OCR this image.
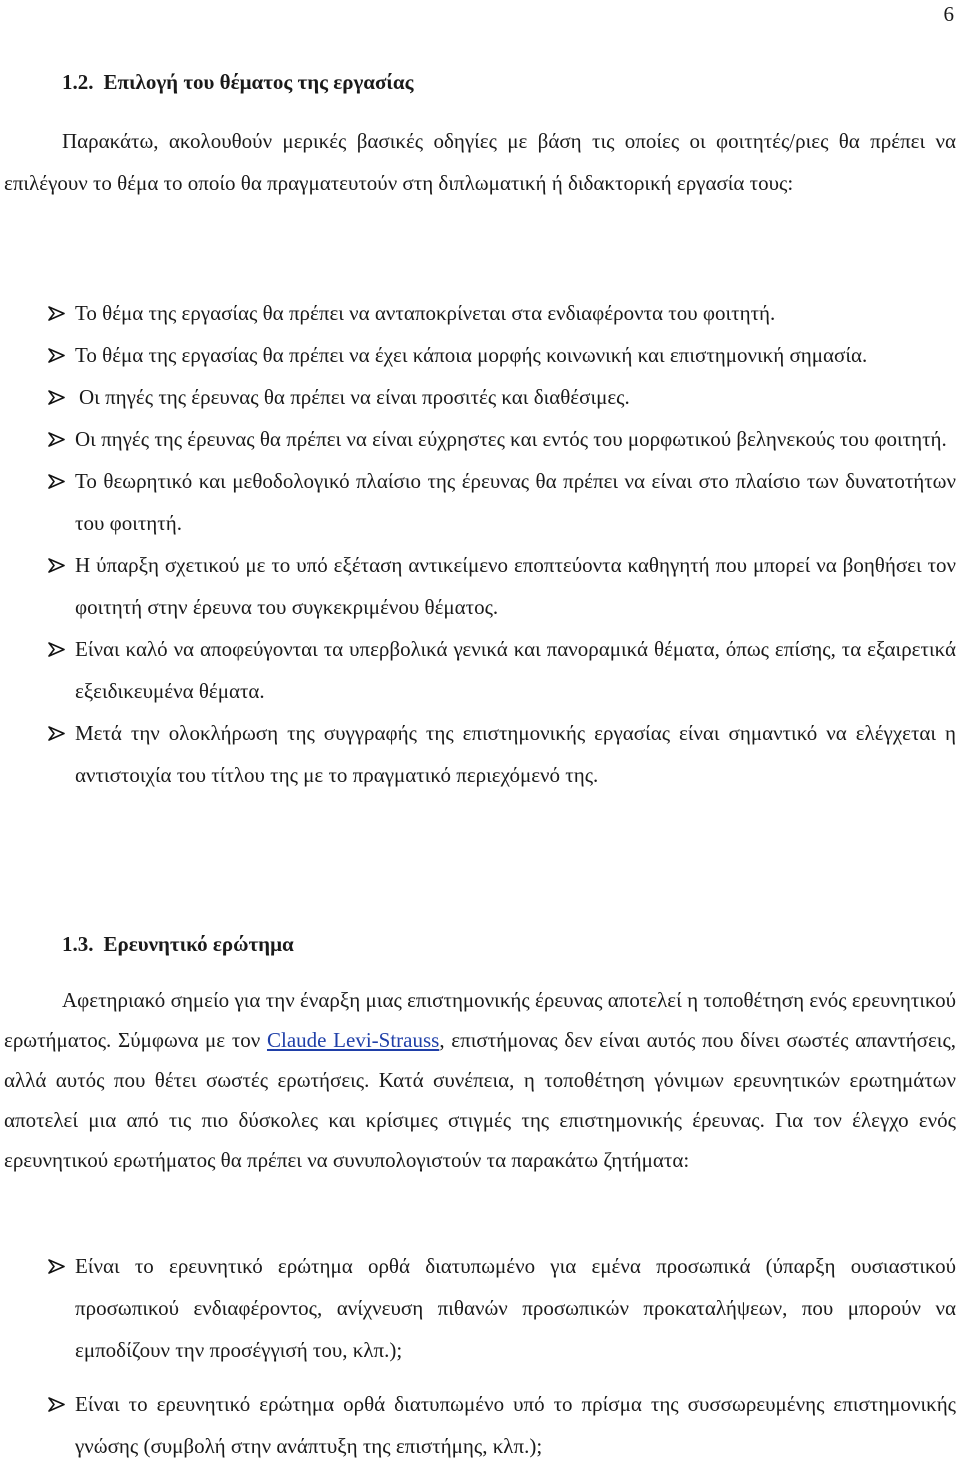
6
1.2. Επιλογή του θέματος της εργασίας

Παρακάτω, ακολουθούν μερικές βασικές οδηγίες με βάση τις οποίες οι φοιτητές/ριες θα πρέπει να επιλέγουν το θέμα το οποίο θα πραγματευτούν στη διπλωματική ή διδακτορική εργασία τους:

Το θέμα της εργασίας θα πρέπει να ανταποκρίνεται στα ενδιαφέροντα του φοιτητή.
Το θέμα της εργασίας θα πρέπει να έχει κάποια μορφής κοινωνική και επιστημονική σημασία.
Οι πηγές της έρευνας θα πρέπει να είναι προσιτές και διαθέσιμες.
Οι πηγές της έρευνας θα πρέπει να είναι εύχρηστες και εντός του μορφωτικού βεληνεκούς του φοιτητή.
Το θεωρητικό και μεθοδολογικό πλαίσιο της έρευνας θα πρέπει να είναι στο πλαίσιο των δυνατοτήτων του φοιτητή.
Η ύπαρξη σχετικού με το υπό εξέταση αντικείμενο εποπτεύοντα καθηγητή που μπορεί να βοηθήσει τον φοιτητή στην έρευνα του συγκεκριμένου θέματος.
Είναι καλό να αποφεύγονται τα υπερβολικά γενικά και πανοραμικά θέματα, όπως επίσης, τα εξαιρετικά εξειδικευμένα θέματα.
Μετά την ολοκλήρωση της συγγραφής της επιστημονικής εργασίας είναι σημαντικό να ελέγχεται η αντιστοιχία του τίτλου της με το πραγματικό περιεχόμενό της.
1.3. Ερευνητικό ερώτημα

Αφετηριακό σημείο για την έναρξη μιας επιστημονικής έρευνας αποτελεί η τοποθέτηση ενός ερευνητικού ερωτήματος. Σύμφωνα με τον Claude Levi-Strauss, επιστήμονας δεν είναι αυτός που δίνει σωστές απαντήσεις, αλλά αυτός που θέτει σωστές ερωτήσεις. Κατά συνέπεια, η τοποθέτηση γόνιμων ερευνητικών ερωτημάτων αποτελεί μια από τις πιο δύσκολες και κρίσιμες στιγμές της επιστημονικής έρευνας. Για τον έλεγχο ενός ερευνητικού ερωτήματος θα πρέπει να συνυπολογιστούν τα παρακάτω ζητήματα:

Είναι το ερευνητικό ερώτημα ορθά διατυπωμένο για εμένα προσωπικά (ύπαρξη ουσιαστικού προσωπικού ενδιαφέροντος, ανίχνευση πιθανών προσωπικών προκαταλήψεων, που μπορούν να εμποδίζουν την προσέγγισή του, κλπ.);
Είναι το ερευνητικό ερώτημα ορθά διατυπωμένο υπό το πρίσμα της συσσωρευμένης επιστημονικής γνώσης (συμβολή στην ανάπτυξη της επιστήμης, κλπ.);
